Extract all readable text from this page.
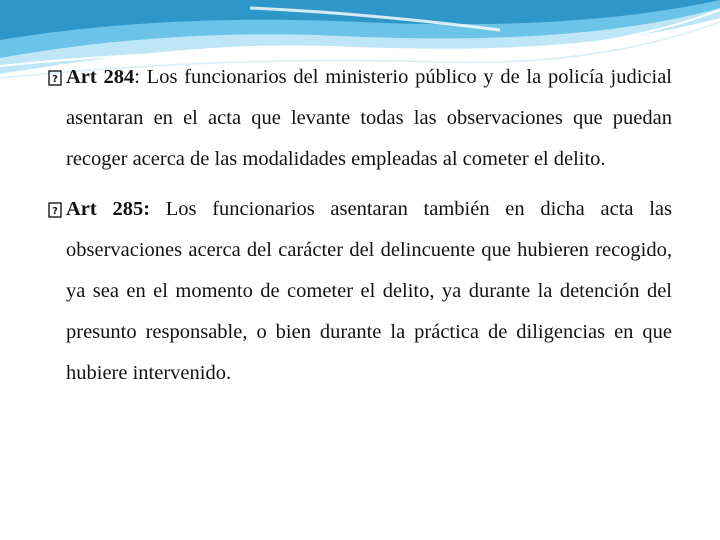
? Art 284: Los funcionarios del ministerio público y de la policía judicial asentaran en el acta que levante todas las observaciones que puedan recoger acerca de las modalidades empleadas al cometer el delito.

? Art 285: Los funcionarios asentaran también en dicha acta las observaciones acerca del carácter del delincuente que hubieren recogido, ya sea en el momento de cometer el delito, ya durante la detención del presunto responsable, o bien durante la práctica de diligencias en que hubiere intervenido.
